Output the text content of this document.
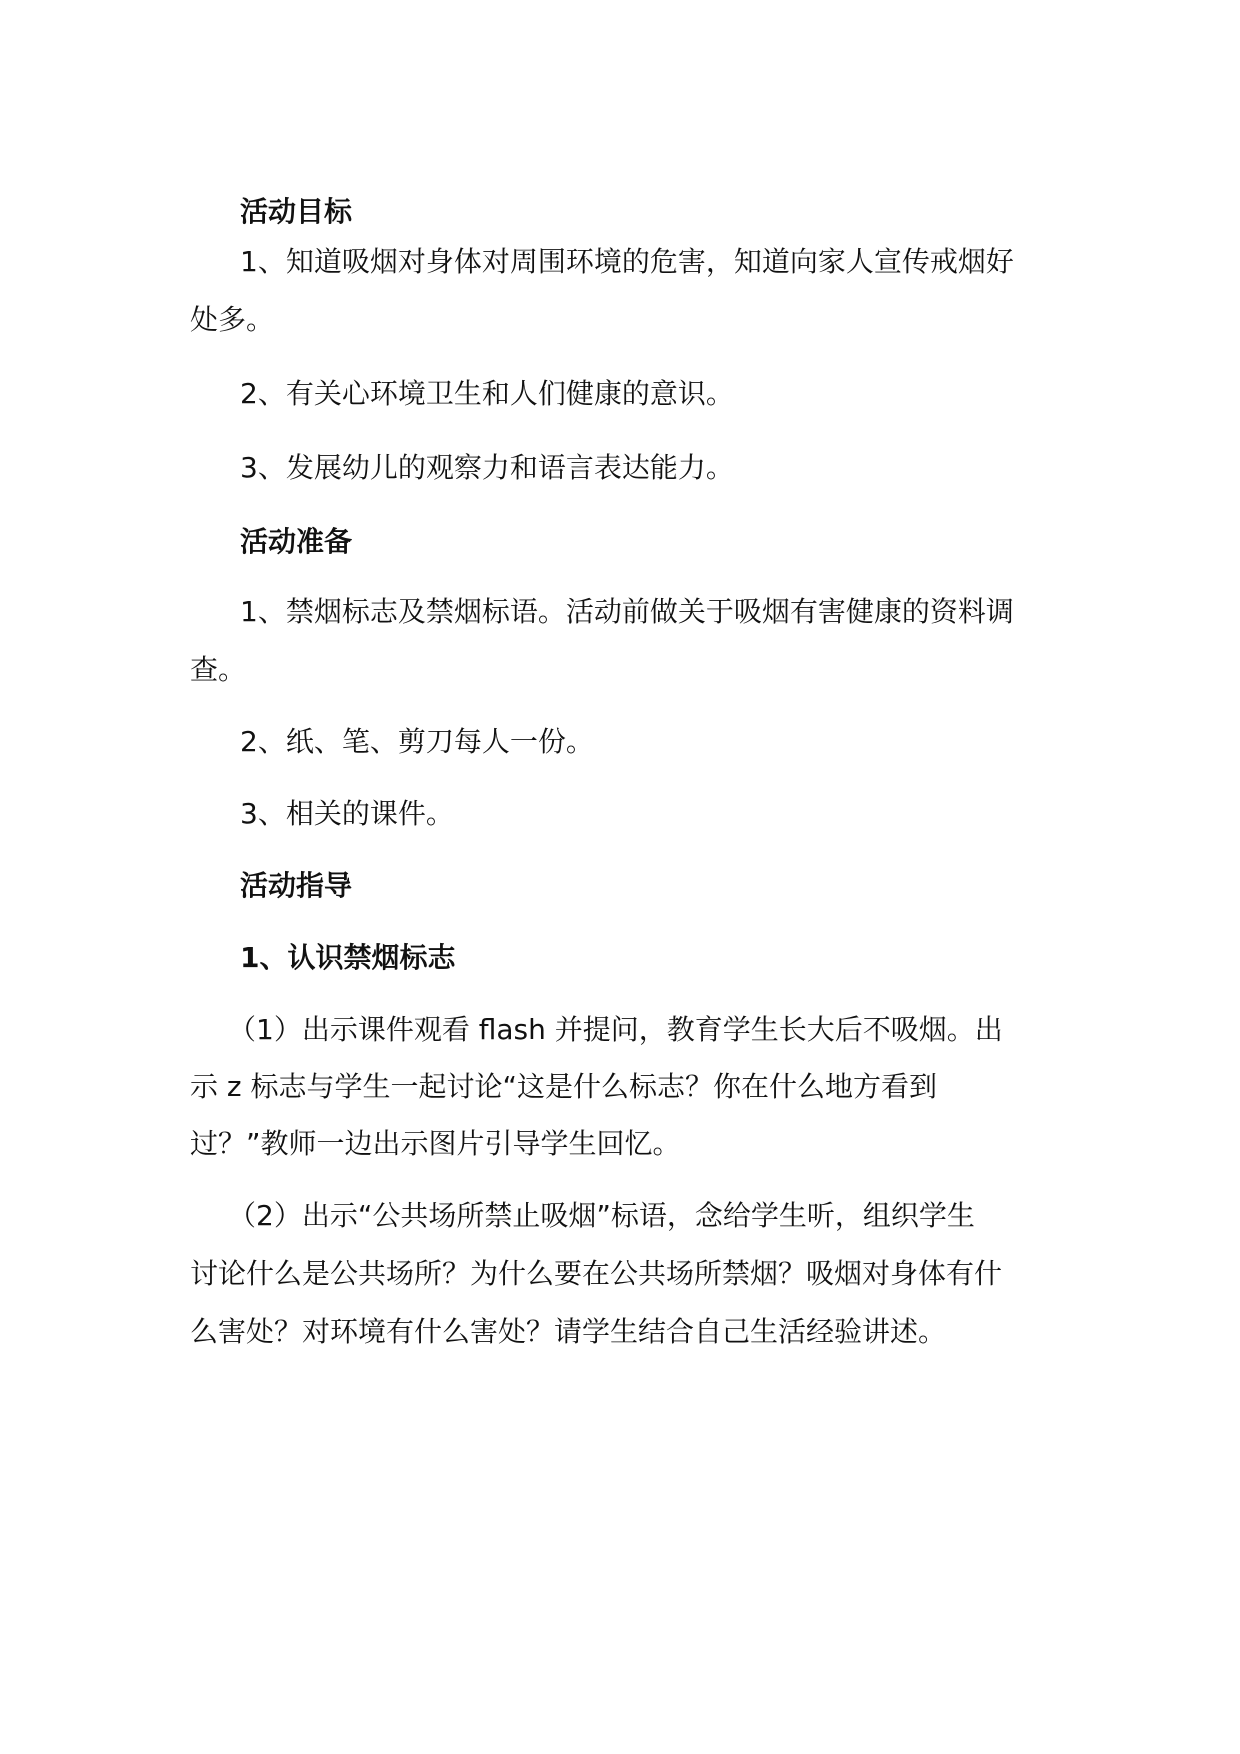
活动目标

1、知道吸烟对身体对周围环境的危害，知道向家人宣传戒烟好

处多。

2、有关心环境卫生和人们健康的意识。

3、发展幼儿的观察力和语言表达能力。

活动准备

1、禁烟标志及禁烟标语。活动前做关于吸烟有害健康的资料调

查。

2、纸、笔、剪刀每人一份。

3、相关的课件。

活动指导

1、认识禁烟标志

（1）出示课件观看 flash 并提问，教育学生长大后不吸烟。出

示 z 标志与学生一起讨论“这是什么标志？你在什么地方看到

过？”教师一边出示图片引导学生回忆。

（2）出示“公共场所禁止吸烟”标语，念给学生听，组织学生

讨论什么是公共场所？为什么要在公共场所禁烟？吸烟对身体有什

么害处？对环境有什么害处？请学生结合自己生活经验讲述。
